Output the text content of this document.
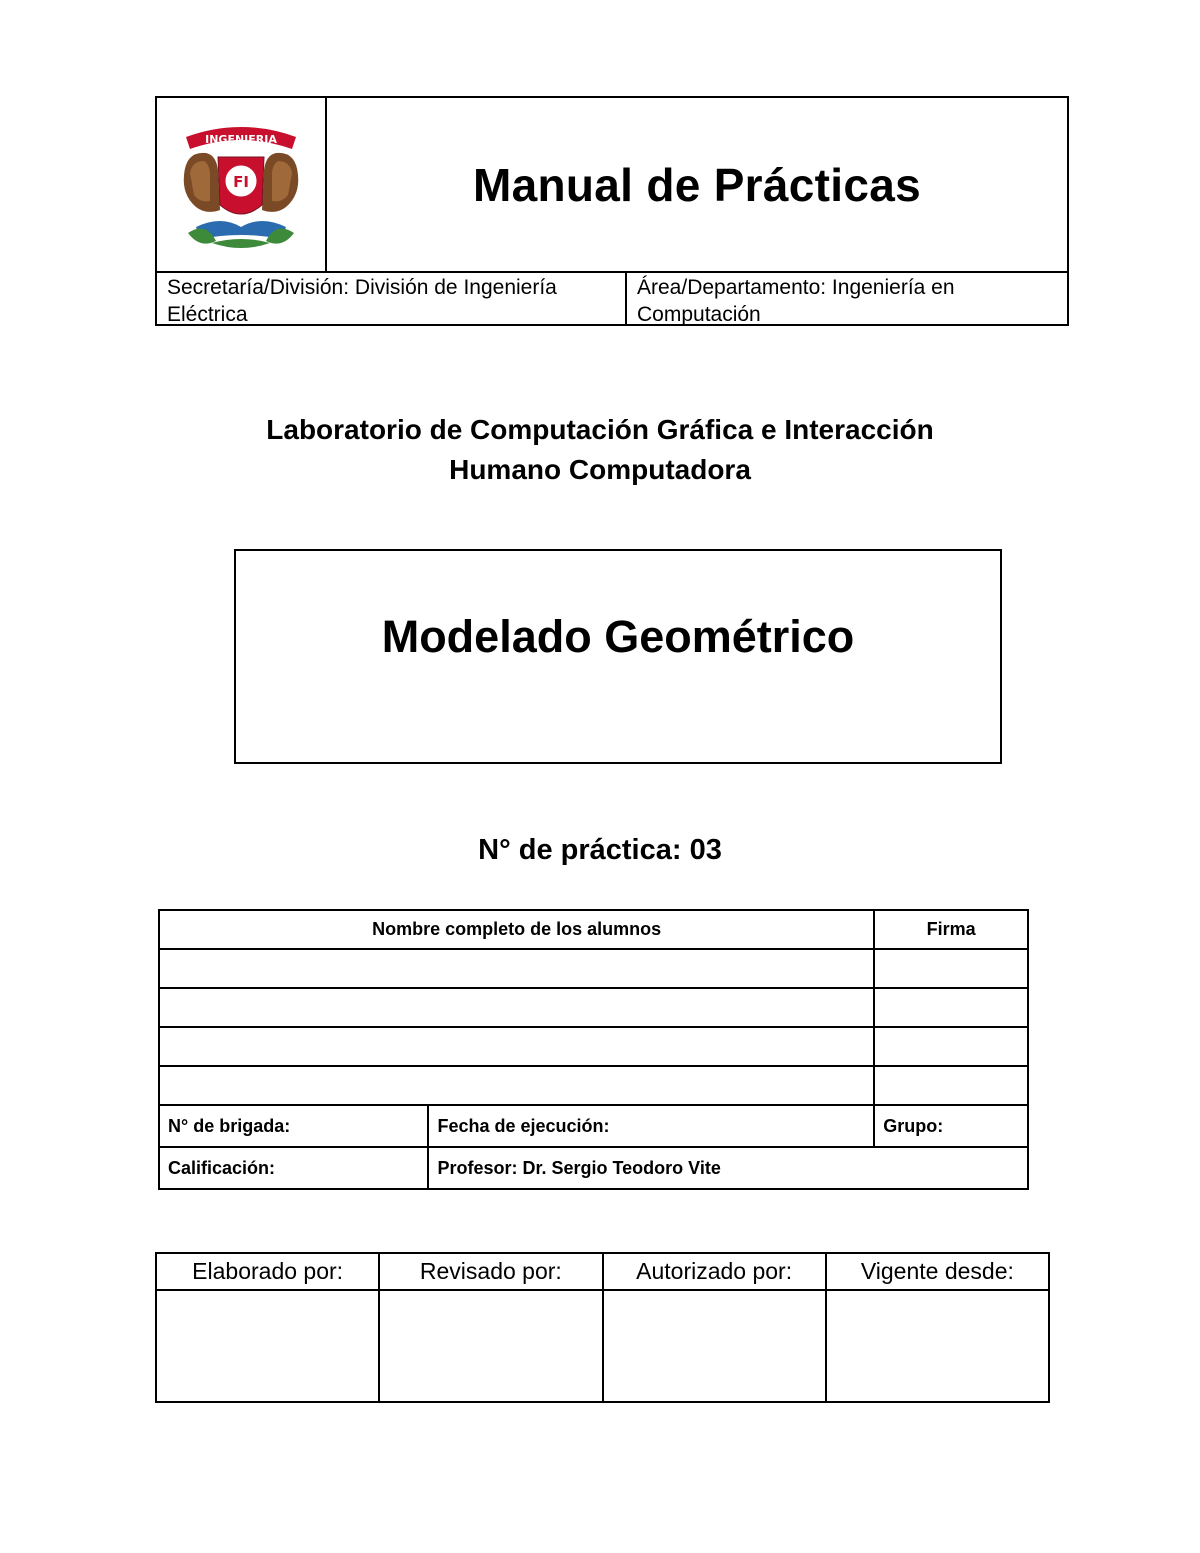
INGENIERIA
FI	Manual de Prácticas
Secretaría/División: División de Ingeniería Eléctrica
Área/Departamento: Ingeniería en Computación
Laboratorio de Computación Gráfica e Interacción
Humano Computadora
Modelado Geométrico
N° de práctica: 03
Nombre completo de los alumnos		Firma

N° de brigada:	Fecha de ejecución:	Grupo:
Calificación:	Profesor: Dr. Sergio Teodoro Vite	
Elaborado por:	Revisado por:	Autorizado por:	Vigente desde:
